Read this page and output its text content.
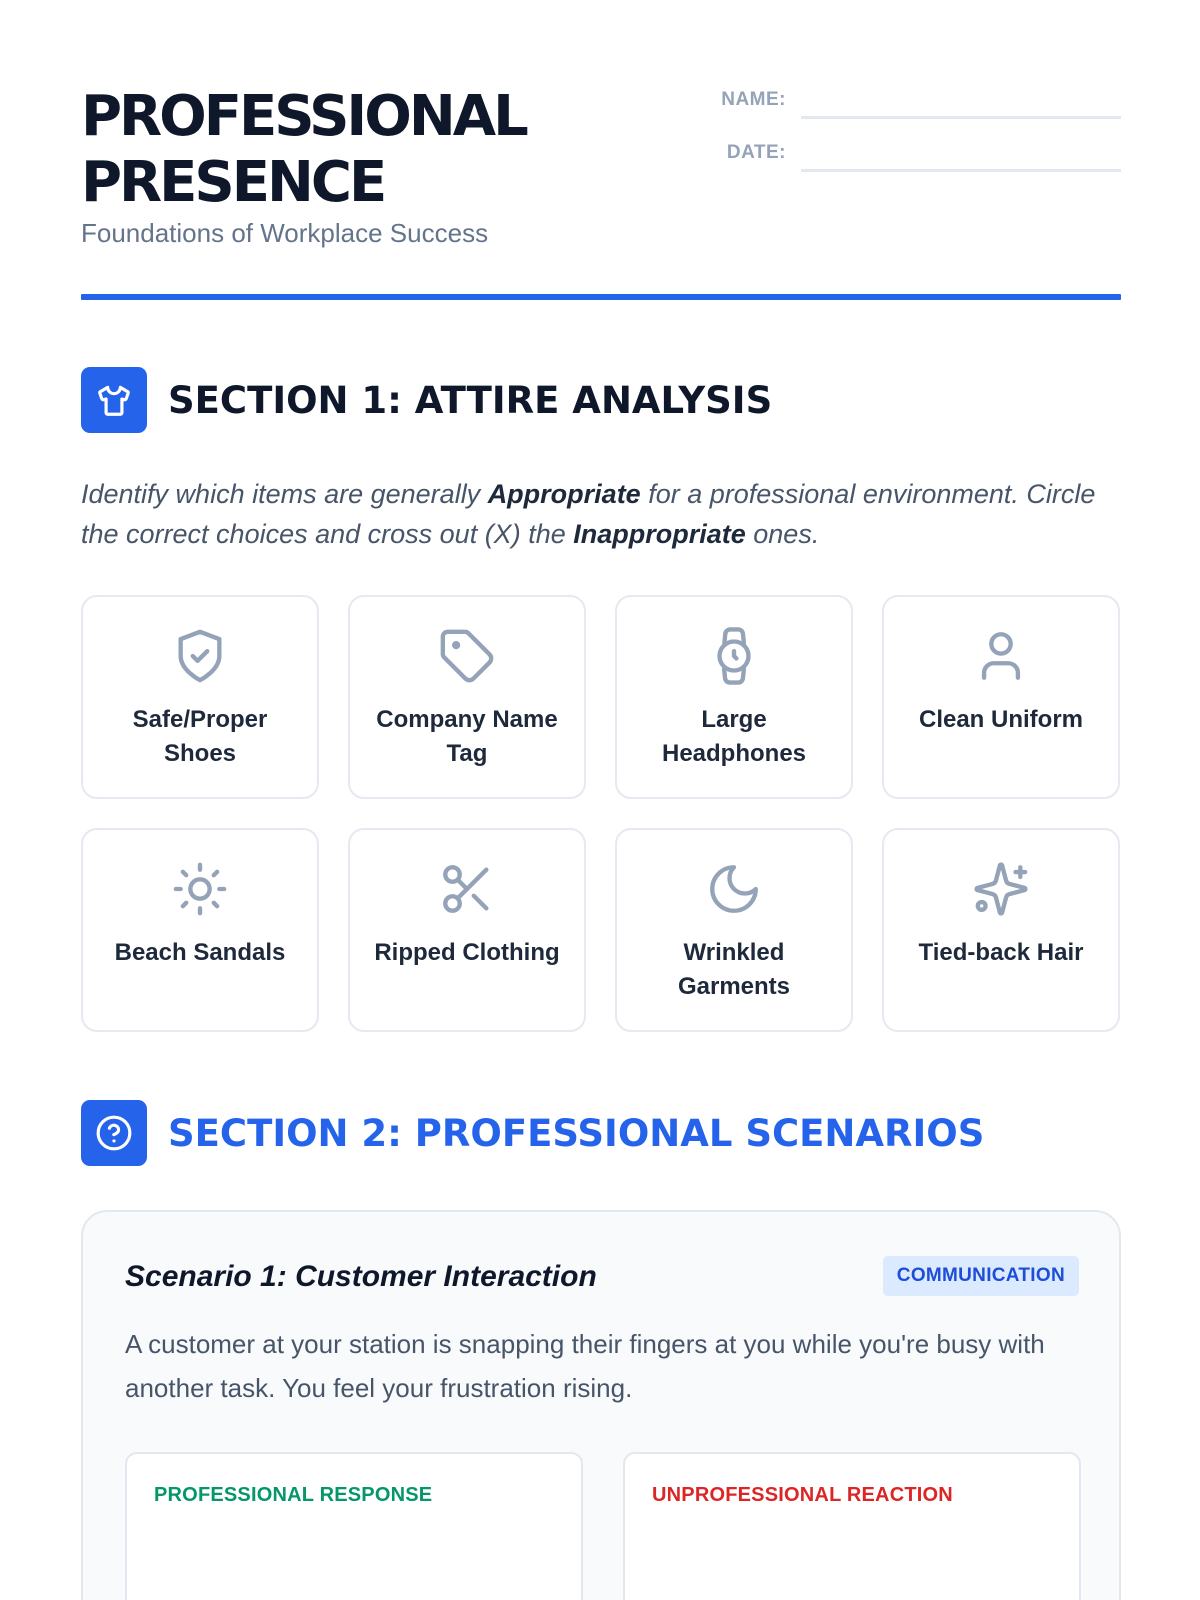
PROFESSIONAL
PRESENCE
Foundations of Workplace Success
NAME:
DATE:
SECTION 1: ATTIRE ANALYSIS

Identify which items are generally Appropriate for a professional environment. Circle the correct choices and cross out (X) the Inappropriate ones.

Safe/Proper Shoes
Company Name Tag
Large Headphones
Clean Uniform
Beach Sandals	Ripped Clothing	Wrinkled Garments
Tied-back Hair
SECTION 2: PROFESSIONAL SCENARIOS
Scenario 1: Customer Interaction	COMMUNICATION

A customer at your station is snapping their fingers at you while you're busy with another task. You feel your frustration rising.

PROFESSIONAL RESPONSE	UNPROFESSIONAL REACTION
